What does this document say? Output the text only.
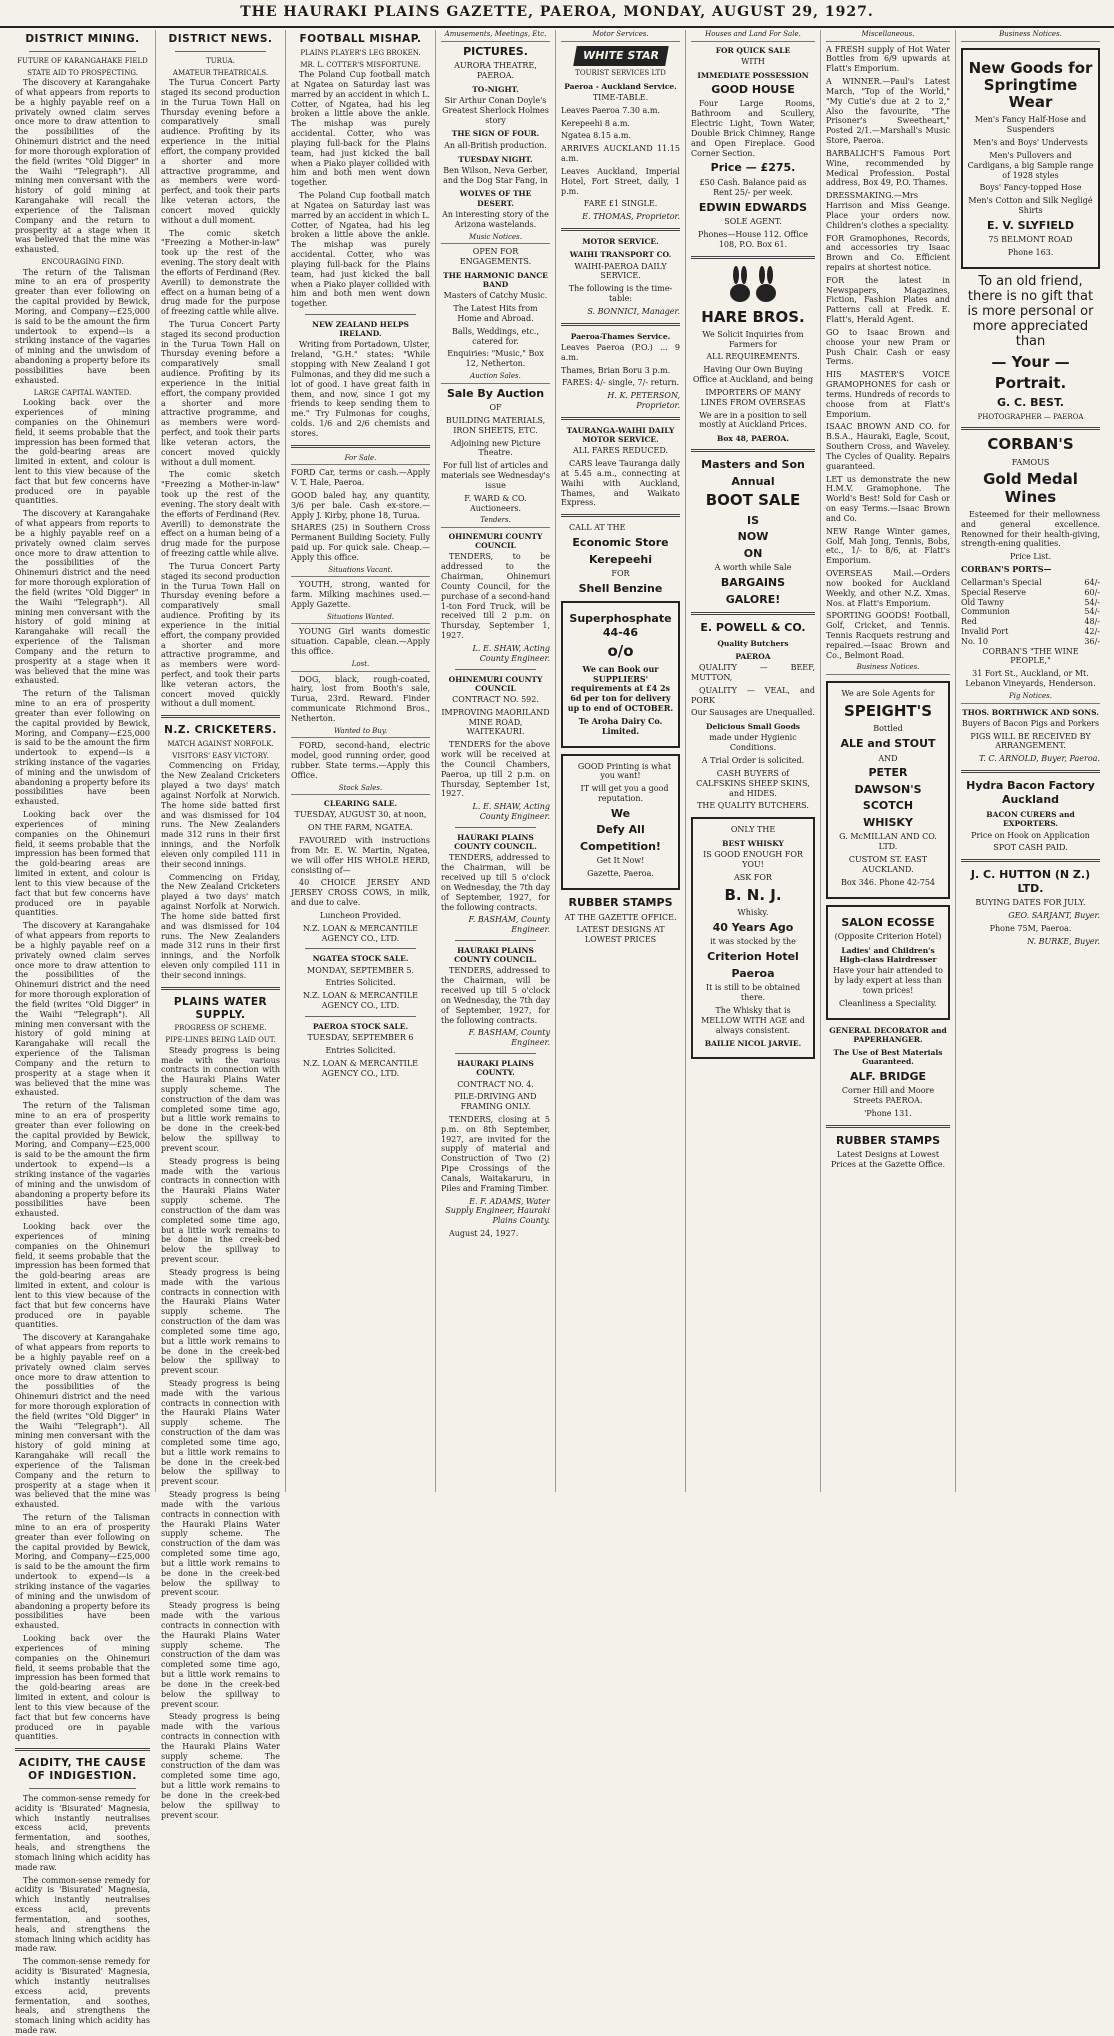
THE HAURAKI PLAINS GAZETTE, PAEROA, MONDAY, AUGUST 29, 1927.
DISTRICT MINING.
FUTURE OF KARANGAHAKE FIELD
STATE AID TO PROSPECTING.

The discovery at Karangahake of what appears from reports to be a highly payable reef on a privately owned claim serves once more to draw attention to the possibilities of the Ohinemuri district and the need for more thorough exploration of the field (writes "Old Digger" in the Waihi "Telegraph"). All mining men conversant with the history of gold mining at Karangahake will recall the experience of the Talisman Company and the return to prosperity at a stage when it was believed that the mine was exhausted.

ENCOURAGING FIND.

The return of the Talisman mine to an era of prosperity greater than ever following on the capital provided by Bewick, Moring, and Company—£25,000 is said to be the amount the firm undertook to expend—is a striking instance of the vagaries of mining and the unwisdom of abandoning a property before its possibilities have been exhausted.

LARGE CAPITAL WANTED.

Looking back over the experiences of mining companies on the Ohinemuri field, it seems probable that the impression has been formed that the gold-bearing areas are limited in extent, and colour is lent to this view because of the fact that but few concerns have produced ore in payable quantities.

The discovery at Karangahake of what appears from reports to be a highly payable reef on a privately owned claim serves once more to draw attention to the possibilities of the Ohinemuri district and the need for more thorough exploration of the field (writes "Old Digger" in the Waihi "Telegraph"). All mining men conversant with the history of gold mining at Karangahake will recall the experience of the Talisman Company and the return to prosperity at a stage when it was believed that the mine was exhausted.

The return of the Talisman mine to an era of prosperity greater than ever following on the capital provided by Bewick, Moring, and Company—£25,000 is said to be the amount the firm undertook to expend—is a striking instance of the vagaries of mining and the unwisdom of abandoning a property before its possibilities have been exhausted.

Looking back over the experiences of mining companies on the Ohinemuri field, it seems probable that the impression has been formed that the gold-bearing areas are limited in extent, and colour is lent to this view because of the fact that but few concerns have produced ore in payable quantities.

The discovery at Karangahake of what appears from reports to be a highly payable reef on a privately owned claim serves once more to draw attention to the possibilities of the Ohinemuri district and the need for more thorough exploration of the field (writes "Old Digger" in the Waihi "Telegraph"). All mining men conversant with the history of gold mining at Karangahake will recall the experience of the Talisman Company and the return to prosperity at a stage when it was believed that the mine was exhausted.

The return of the Talisman mine to an era of prosperity greater than ever following on the capital provided by Bewick, Moring, and Company—£25,000 is said to be the amount the firm undertook to expend—is a striking instance of the vagaries of mining and the unwisdom of abandoning a property before its possibilities have been exhausted.

Looking back over the experiences of mining companies on the Ohinemuri field, it seems probable that the impression has been formed that the gold-bearing areas are limited in extent, and colour is lent to this view because of the fact that but few concerns have produced ore in payable quantities.

The discovery at Karangahake of what appears from reports to be a highly payable reef on a privately owned claim serves once more to draw attention to the possibilities of the Ohinemuri district and the need for more thorough exploration of the field (writes "Old Digger" in the Waihi "Telegraph"). All mining men conversant with the history of gold mining at Karangahake will recall the experience of the Talisman Company and the return to prosperity at a stage when it was believed that the mine was exhausted.

The return of the Talisman mine to an era of prosperity greater than ever following on the capital provided by Bewick, Moring, and Company—£25,000 is said to be the amount the firm undertook to expend—is a striking instance of the vagaries of mining and the unwisdom of abandoning a property before its possibilities have been exhausted.

Looking back over the experiences of mining companies on the Ohinemuri field, it seems probable that the impression has been formed that the gold-bearing areas are limited in extent, and colour is lent to this view because of the fact that but few concerns have produced ore in payable quantities.

ACIDITY, THE CAUSE OF INDIGESTION.

The common-sense remedy for acidity is 'Bisurated' Magnesia, which instantly neutralises excess acid, prevents fermentation, and soothes, heals, and strengthens the stomach lining which acidity has made raw.

The common-sense remedy for acidity is 'Bisurated' Magnesia, which instantly neutralises excess acid, prevents fermentation, and soothes, heals, and strengthens the stomach lining which acidity has made raw.

The common-sense remedy for acidity is 'Bisurated' Magnesia, which instantly neutralises excess acid, prevents fermentation, and soothes, heals, and strengthens the stomach lining which acidity has made raw.

DISTRICT NEWS.
TURUA.
AMATEUR THEATRICALS.

The Turua Concert Party staged its second production in the Turua Town Hall on Thursday evening before a comparatively small audience. Profiting by its experience in the initial effort, the company provided a shorter and more attractive programme, and as members were word-perfect, and took their parts like veteran actors, the concert moved quickly without a dull moment.

The comic sketch "Freezing a Mother-in-law" took up the rest of the evening. The story dealt with the efforts of Ferdinand (Rev. Averill) to demonstrate the effect on a human being of a drug made for the purpose of freezing cattle while alive.

The Turua Concert Party staged its second production in the Turua Town Hall on Thursday evening before a comparatively small audience. Profiting by its experience in the initial effort, the company provided a shorter and more attractive programme, and as members were word-perfect, and took their parts like veteran actors, the concert moved quickly without a dull moment.

The comic sketch "Freezing a Mother-in-law" took up the rest of the evening. The story dealt with the efforts of Ferdinand (Rev. Averill) to demonstrate the effect on a human being of a drug made for the purpose of freezing cattle while alive.

The Turua Concert Party staged its second production in the Turua Town Hall on Thursday evening before a comparatively small audience. Profiting by its experience in the initial effort, the company provided a shorter and more attractive programme, and as members were word-perfect, and took their parts like veteran actors, the concert moved quickly without a dull moment.

N.Z. CRICKETERS.
MATCH AGAINST NORFOLK.
VISITORS' EASY VICTORY.

Commencing on Friday, the New Zealand Cricketers played a two days' match against Norfolk at Norwich. The home side batted first and was dismissed for 104 runs. The New Zealanders made 312 runs in their first innings, and the Norfolk eleven only compiled 111 in their second innings.

Commencing on Friday, the New Zealand Cricketers played a two days' match against Norfolk at Norwich. The home side batted first and was dismissed for 104 runs. The New Zealanders made 312 runs in their first innings, and the Norfolk eleven only compiled 111 in their second innings.

PLAINS WATER SUPPLY.
PROGRESS OF SCHEME.
PIPE-LINES BEING LAID OUT.

Steady progress is being made with the various contracts in connection with the Hauraki Plains Water supply scheme. The construction of the dam was completed some time ago, but a little work remains to be done in the creek-bed below the spillway to prevent scour.

Steady progress is being made with the various contracts in connection with the Hauraki Plains Water supply scheme. The construction of the dam was completed some time ago, but a little work remains to be done in the creek-bed below the spillway to prevent scour.

Steady progress is being made with the various contracts in connection with the Hauraki Plains Water supply scheme. The construction of the dam was completed some time ago, but a little work remains to be done in the creek-bed below the spillway to prevent scour.

Steady progress is being made with the various contracts in connection with the Hauraki Plains Water supply scheme. The construction of the dam was completed some time ago, but a little work remains to be done in the creek-bed below the spillway to prevent scour.

Steady progress is being made with the various contracts in connection with the Hauraki Plains Water supply scheme. The construction of the dam was completed some time ago, but a little work remains to be done in the creek-bed below the spillway to prevent scour.

Steady progress is being made with the various contracts in connection with the Hauraki Plains Water supply scheme. The construction of the dam was completed some time ago, but a little work remains to be done in the creek-bed below the spillway to prevent scour.

Steady progress is being made with the various contracts in connection with the Hauraki Plains Water supply scheme. The construction of the dam was completed some time ago, but a little work remains to be done in the creek-bed below the spillway to prevent scour.

FOOTBALL MISHAP.
PLAINS PLAYER'S LEG BROKEN.
MR. L. COTTER'S MISFORTUNE.

The Poland Cup football match at Ngatea on Saturday last was marred by an accident in which L. Cotter, of Ngatea, had his leg broken a little above the ankle. The mishap was purely accidental. Cotter, who was playing full-back for the Plains team, had just kicked the ball when a Piako player collided with him and both men went down together.

The Poland Cup football match at Ngatea on Saturday last was marred by an accident in which L. Cotter, of Ngatea, had his leg broken a little above the ankle. The mishap was purely accidental. Cotter, who was playing full-back for the Plains team, had just kicked the ball when a Piako player collided with him and both men went down together.

NEW ZEALAND HELPS IRELAND.

Writing from Portadown, Ulster, Ireland, "G.H." states: "While stopping with New Zealand I got Fulmonas, and they did me such a lot of good. I have great faith in them, and now, since I got my friends to keep sending them to me." Try Fulmonas for coughs, colds. 1/6 and 2/6 chemists and stores.

For Sale.

FORD Car, terms or cash.—Apply V. T. Hale, Paeroa.

GOOD baled hay, any quantity, 3/6 per bale. Cash ex-store.—Apply J. Kirby, phone 18, Turua.

SHARES (25) in Southern Cross Permanent Building Society. Fully paid up. For quick sale. Cheap.—Apply this office.

Situations Vacant.

YOUTH, strong, wanted for farm. Milking machines used.—Apply Gazette.

Situations Wanted.

YOUNG Girl wants domestic situation. Capable, clean.—Apply this office.

Lost.

DOG, black, rough-coated, hairy, lost from Booth's sale, Turua, 23rd. Reward. Finder communicate Richmond Bros., Netherton.

Wanted to Buy.

FORD, second-hand, electric model, good running order, good rubber. State terms.—Apply this Office.

Stock Sales.
CLEARING SALE.

TUESDAY, AUGUST 30, at noon,

ON THE FARM, NGATEA.

FAVOURED with instructions from Mr. E. W. Martin, Ngatea, we will offer HIS WHOLE HERD, consisting of—

40 CHOICE JERSEY AND JERSEY CROSS COWS, in milk, and due to calve.

Luncheon Provided.

N.Z. LOAN & MERCANTILE AGENCY CO., LTD.

NGATEA STOCK SALE.

MONDAY, SEPTEMBER 5.

Entries Solicited.

N.Z. LOAN & MERCANTILE AGENCY CO., LTD.

PAEROA STOCK SALE.

TUESDAY, SEPTEMBER 6

Entries Solicited.

N.Z. LOAN & MERCANTILE AGENCY CO., LTD.

Amusements, Meetings, Etc.
PICTURES.

AURORA THEATRE, PAEROA.

TO-NIGHT.

Sir Arthur Conan Doyle's Greatest Sherlock Holmes story

THE SIGN OF FOUR.

An all-British production.

TUESDAY NIGHT.

Ben Wilson, Neva Gerber, and the Dog Star Fang, in

WOLVES OF THE DESERT.

An interesting story of the Arizona wastelands.

Music Notices.

OPEN FOR ENGAGEMENTS.

THE HARMONIC DANCE BAND

Masters of Catchy Music.

The Latest Hits from Home and Abroad.

Balls, Weddings, etc., catered for.

Enquiries: "Music," Box 12, Netherton.

Auction Sales.
Sale By Auction

OF

BUILDING MATERIALS, IRON SHEETS, ETC.

Adjoining new Picture Theatre.

For full list of articles and materials see Wednesday's issue

F. WARD & CO. Auctioneers.

Tenders.
OHINEMURI COUNTY COUNCIL

TENDERS, to be addressed to the Chairman, Ohinemuri County Council, for the purchase of a second-hand 1-ton Ford Truck, will be received till 2 p.m. on Thursday, September 1, 1927.

L. E. SHAW, Acting County Engineer.

OHINEMURI COUNTY COUNCIL

CONTRACT NO. 592.

IMPROVING MAORILAND MINE ROAD, WAITEKAURI.

TENDERS for the above work will be received at the Council Chambers, Paeroa, up till 2 p.m. on Thursday, September 1st, 1927.

L. E. SHAW, Acting County Engineer.

HAURAKI PLAINS COUNTY COUNCIL.

TENDERS, addressed to the Chairman, will be received up till 5 o'clock on Wednesday, the 7th day of September, 1927, for the following contracts.

F. BASHAM, County Engineer.

HAURAKI PLAINS COUNTY COUNCIL.

TENDERS, addressed to the Chairman, will be received up till 5 o'clock on Wednesday, the 7th day of September, 1927, for the following contracts.

F. BASHAM, County Engineer.

HAURAKI PLAINS COUNTY.

CONTRACT NO. 4.

PILE-DRIVING AND FRAMING ONLY.

TENDERS, closing at 5 p.m. on 8th September, 1927, are invited for the supply of material and Construction of Two (2) Pipe Crossings of the Canals, Waitakaruru, in Piles and Framing Timber.

E. F. ADAMS, Water Supply Engineer, Hauraki Plains County.

August 24, 1927.

Motor Services.
WHITE STAR

TOURIST SERVICES LTD

Paeroa - Auckland Service.

TIME-TABLE.

Leaves Paeroa 7.30 a.m.

Kerepeehi 8 a.m.

Ngatea 8.15 a.m.

ARRIVES AUCKLAND 11.15 a.m.

Leaves Auckland, Imperial Hotel, Fort Street, daily, 1 p.m.

FARE £1 SINGLE.

E. THOMAS, Proprietor.

MOTOR SERVICE.
WAIHI TRANSPORT CO.

WAIHI-PAEROA DAILY SERVICE.

The following is the time-table:

S. BONNICI, Manager.

Paeroa-Thames Service.

Leaves Paeroa (P.O.) ... 9 a.m.

Thames, Brian Boru 3 p.m.

FARES: 4/- single, 7/- return.

H. K. PETERSON, Proprietor.

TAURANGA-WAIHI DAILY MOTOR SERVICE.

ALL FARES REDUCED.

CARS leave Tauranga daily at 5.45 a.m., connecting at Waihi with Auckland, Thames, and Waikato Express.

CALL AT THE

Economic Store
Kerepeehi

FOR

Shell Benzine
Superphosphate 44-46
o/o

We can Book our SUPPLIERS' requirements at £4 2s 6d per ton for delivery up to end of OCTOBER.

Te Aroha Dairy Co. Limited.

GOOD Printing is what you want!

IT will get you a good reputation.

We
Defy All
Competition!

Get It Now!

Gazette, Paeroa.

RUBBER STAMPS

AT THE GAZETTE OFFICE.

LATEST DESIGNS AT LOWEST PRICES

Houses and Land For Sale.
FOR QUICK SALE

WITH

IMMEDIATE POSSESSION
GOOD HOUSE

Four Large Rooms, Bathroom and Scullery, Electric Light, Town Water, Double Brick Chimney, Range and Open Fireplace. Good Corner Section.

Price — £275.

£50 Cash. Balance paid as Rent 25/- per week.

EDWIN EDWARDS

SOLE AGENT.

Phones—House 112. Office 108, P.O. Box 61.

HARE BROS.

We Solicit Inquiries from Farmers for

ALL REQUIREMENTS.

Having Our Own Buying Office at Auckland, and being

IMPORTERS OF MANY LINES FROM OVERSEAS

We are in a position to sell mostly at Auckland Prices.

Box 48, PAEROA.
Masters and Son
Annual
BOOT SALE
IS
NOW
ON

A worth while Sale

BARGAINS
GALORE!
E. POWELL & CO.
Quality Butchers
PAEROA

QUALITY — BEEF, MUTTON,

QUALITY — VEAL, and PORK

Our Sausages are Unequalled.

Delicious Small Goods

made under Hygienic Conditions.

A Trial Order is solicited.

CASH BUYERS of CALFSKINS SHEEP SKINS, and HIDES.

THE QUALITY BUTCHERS.

ONLY THE

BEST WHISKY

IS GOOD ENOUGH FOR YOU!

ASK FOR

B. N. J.

Whisky.

40 Years Ago

it was stocked by the

Criterion Hotel
Paeroa

It is still to be obtained there.

The Whisky that is MELLOW WITH AGE and always consistent.

BAILIE NICOL JARVIE.
Miscellaneous.

A FRESH supply of Hot Water Bottles from 6/9 upwards at Flatt's Emporium.

A WINNER.—Paul's Latest March, "Top of the World," "My Cutie's due at 2 to 2," Also the favourite, "The Prisoner's Sweetheart," Posted 2/1.—Marshall's Music Store, Paeroa.

BARBALICH'S Famous Port Wine, recommended by Medical Profession. Postal address, Box 49, P.O. Thames.

DRESSMAKING.—Mrs Harrison and Miss Geange. Place your orders now. Children's clothes a speciality.

FOR Gramophones, Records, and accessories try Isaac Brown and Co. Efficient repairs at shortest notice.

FOR the latest in Newspapers, Magazines, Fiction, Fashion Plates and Patterns call at Fredk. E. Flatt's, Herald Agent.

GO to Isaac Brown and choose your new Pram or Push Chair. Cash or easy Terms.

HIS MASTER'S VOICE GRAMOPHONES for cash or terms. Hundreds of records to choose from at Flatt's Emporium.

ISAAC BROWN AND CO. for B.S.A., Hauraki, Eagle, Scout, Southern Cross, and Waveley. The Cycles of Quality. Repairs guaranteed.

LET us demonstrate the new H.M.V. Gramophone. The World's Best! Sold for Cash or on easy Terms.—Isaac Brown and Co.

NEW Range Winter games, Golf, Mah Jong, Tennis, Bobs, etc., 1/- to 8/6, at Flatt's Emporium.

OVERSEAS Mail.—Orders now booked for Auckland Weekly, and other N.Z. Xmas. Nos. at Flatt's Emporium.

SPORTING GOODS! Football, Golf, Cricket, and Tennis. Tennis Racquets restrung and repaired.—Isaac Brown and Co., Belmont Road.

Business Notices.

We are Sole Agents for

SPEIGHT'S

Bottled

ALE and STOUT

AND

PETER
DAWSON'S
SCOTCH
WHISKY

G. McMILLAN AND CO. LTD.

CUSTOM ST. EAST AUCKLAND.

Box 346. Phone 42-754

SALON ECOSSE

(Opposite Criterion Hotel)

Ladies' and Children's High-class Hairdresser

Have your hair attended to by lady expert at less than town prices!

Cleanliness a Speciality.

GENERAL DECORATOR and PAPERHANGER.
The Use of Best Materials Guaranteed.
ALF. BRIDGE

Corner Hill and Moore Streets PAEROA.

'Phone 131.

RUBBER STAMPS

Latest Designs at Lowest Prices at the Gazette Office.

Business Notices.
New Goods for Springtime Wear

Men's Fancy Half-Hose and Suspenders

Men's and Boys' Undervests

Men's Pullovers and Cardigans, a big Sample range of 1928 styles

Boys' Fancy-topped Hose

Men's Cotton and Silk Negligé Shirts

E. V. SLYFIELD

75 BELMONT ROAD

Phone 163.

To an old friend, there is no gift that is more personal or more appreciated than
— Your —
Portrait.
G. C. BEST.

PHOTOGRAPHER — PAEROA

CORBAN'S

FAMOUS

Gold Medal Wines

Esteemed for their mellowness and general excellence. Renowned for their health-giving, strength-ening qualities.

Price List.

CORBAN'S PORTS—

Cellarman's Special	64/-
Special Reserve	60/-
Old Tawny	54/-
Communion	54/-
Red	48/-
Invalid Port	42/-
No. 10	36/-

CORBAN'S "THE WINE PEOPLE,"

31 Fort St., Auckland, or Mt. Lebanon Vineyards, Henderson.

Pig Notices.
THOS. BORTHWICK AND SONS.

Buyers of Bacon Pigs and Porkers

PIGS WILL BE RECEIVED BY ARRANGEMENT.

T. C. ARNOLD, Buyer, Paeroa.

Hydra Bacon Factory Auckland
BACON CURERS and EXPORTERS.

Price on Hook on Application

SPOT CASH PAID.

J. C. HUTTON (N Z.) LTD.

BUYING DATES FOR JULY.

GEO. SARJANT, Buyer.

Phone 75M, Paeroa.

N. BURKE, Buyer.
